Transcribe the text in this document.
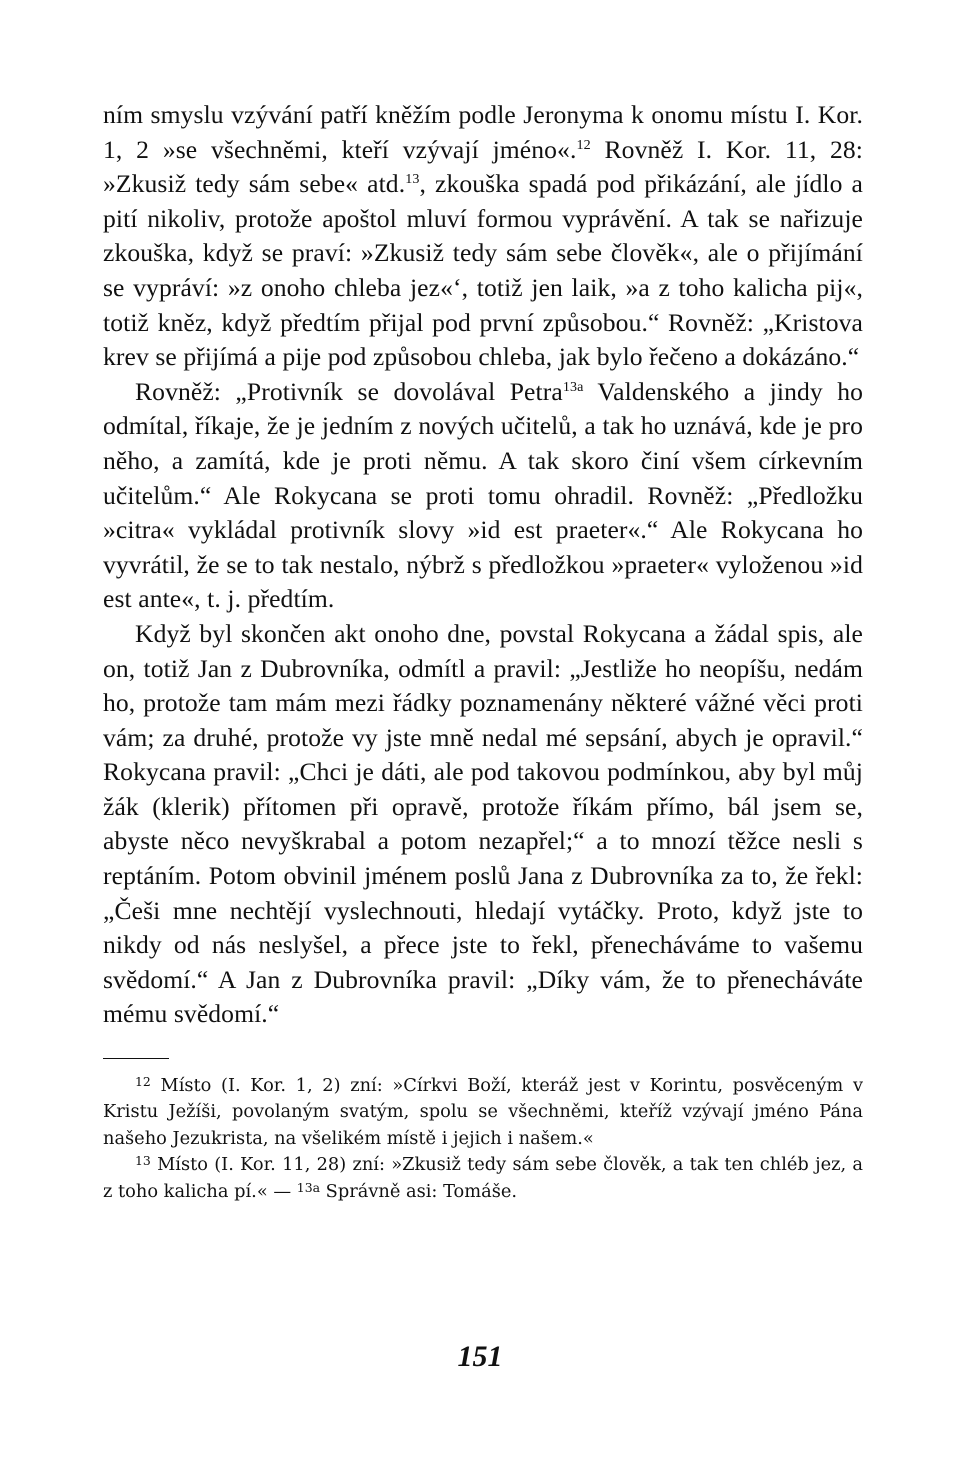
ním smyslu vzývání patří kněžím podle Jeronyma k onomu místu I. Kor. 1, 2 »se všechněmi, kteří vzývají jméno«.$^{12}$ Rovněž I. Kor. 11, 28: »Zkusiž tedy sám sebe« atd.$^{13}$, zkouška spadá pod přikázání, ale jídlo a pití nikoliv, protože apoštol mluví formou vyprávění. A tak se nařizuje zkouška, když se praví: »Zkusiž tedy sám sebe člověk«, ale o přijímání se vypráví: »z onoho chleba jez«‘, totiž jen laik, »a z toho kalicha pij«, totiž kněz, když předtím přijal pod první způsobou.“ Rovněž: „Kristova krev se přijímá a pije pod způsobou chleba, jak bylo řečeno a dokázáno.“

Rovněž: „Protivník se dovolával Petra$^{13a}$ Valdenského a jindy ho odmítal, říkaje, že je jedním z nových učitelů, a tak ho uznává, kde je pro něho, a zamítá, kde je proti němu. A tak skoro činí všem církevním učitelům.“ Ale Rokycana se proti tomu ohradil. Rovněž: „Předložku »citra« vykládal protivník slovy »id est praeter«.“ Ale Rokycana ho vyvrátil, že se to tak nestalo, nýbrž s předložkou »praeter« vyloženou »id est ante«, t. j. předtím.

Když byl skončen akt onoho dne, povstal Rokycana a žádal spis, ale on, totiž Jan z Dubrovníka, odmítl a pravil: „Jestliže ho neopíšu, nedám ho, protože tam mám mezi řádky poznamenány některé vážné věci proti vám; za druhé, protože vy jste mně nedal mé sepsání, abych je opravil.“ Rokycana pravil: „Chci je dáti, ale pod takovou podmínkou, aby byl můj žák (klerik) přítomen při opravě, protože říkám přímo, bál jsem se, abyste něco nevyškrabal a potom nezapřel;“ a to mnozí těžce nesli s reptáním. Potom obvinil jménem poslů Jana z Dubrovníka za to, že řekl: „Češi mne nechtějí vyslechnouti, hledají vytáčky. Proto, když jste to nikdy od nás neslyšel, a přece jste to řekl, přenecháváme to vašemu svědomí.“ A Jan z Dubrovníka pravil: „Díky vám, že to přenecháváte mému svědomí.“

$^{12}$ Místo (I. Kor. 1, 2) zní: »Církvi Boží, kteráž jest v Korintu, posvěceným v Kristu Ježíši, povolaným svatým, spolu se všechněmi, kteříž vzývají jméno Pána našeho Jezukrista, na všelikém místě i jejich i našem.«

$^{13}$ Místo (I. Kor. 11, 28) zní: »Zkusiž tedy sám sebe člověk, a tak ten chléb jez, a z toho kalicha pí.« — $^{13a}$ Správně asi: Tomáše.

151
